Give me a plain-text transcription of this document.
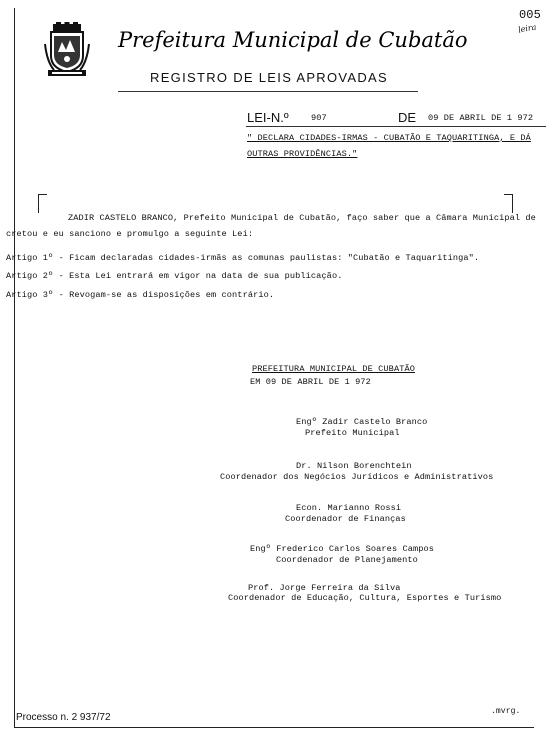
005
leira
Prefeitura Municipal de Cubatão
REGISTRO DE LEIS APROVADAS
LEI-N.º	907	DE 09 DE ABRIL DE 1 972
" DECLARA CIDADES-IRMAS - CUBATÃO E TAQUARITINGA, E DÁ
OUTRAS PROVIDÊNCIAS."
ZADIR CASTELO BRANCO, Prefeito Municipal de Cubatão, faço saber que a Câmara Municipal de
cretou e eu sanciono e promulgo a seguinte Lei:
Artigo 1º - Ficam declaradas cidades-irmãs as comunas paulistas: "Cubatão e Taquaritinga".
Artigo 2º - Esta Lei entrará em vigor na data de sua publicação.
Artigo 3º - Revogam-se as disposições em contrário.
PREFEITURA MUNICIPAL DE CUBATÃO
EM 09 DE ABRIL DE 1 972
Engº Zadir Castelo Branco
Prefeito Municipal
Dr. Nilson Borenchtein
Coordenador dos Negócios Jurídicos e Administrativos
Econ. Marianno Rossi
Coordenador de Finanças
Engº Frederico Carlos Soares Campos
Coordenador de Planejamento
Prof. Jorge Ferreira da Silva
Coordenador de Educação, Cultura, Esportes e Turismo
Processo n. 2 937/72
.mvrg.
